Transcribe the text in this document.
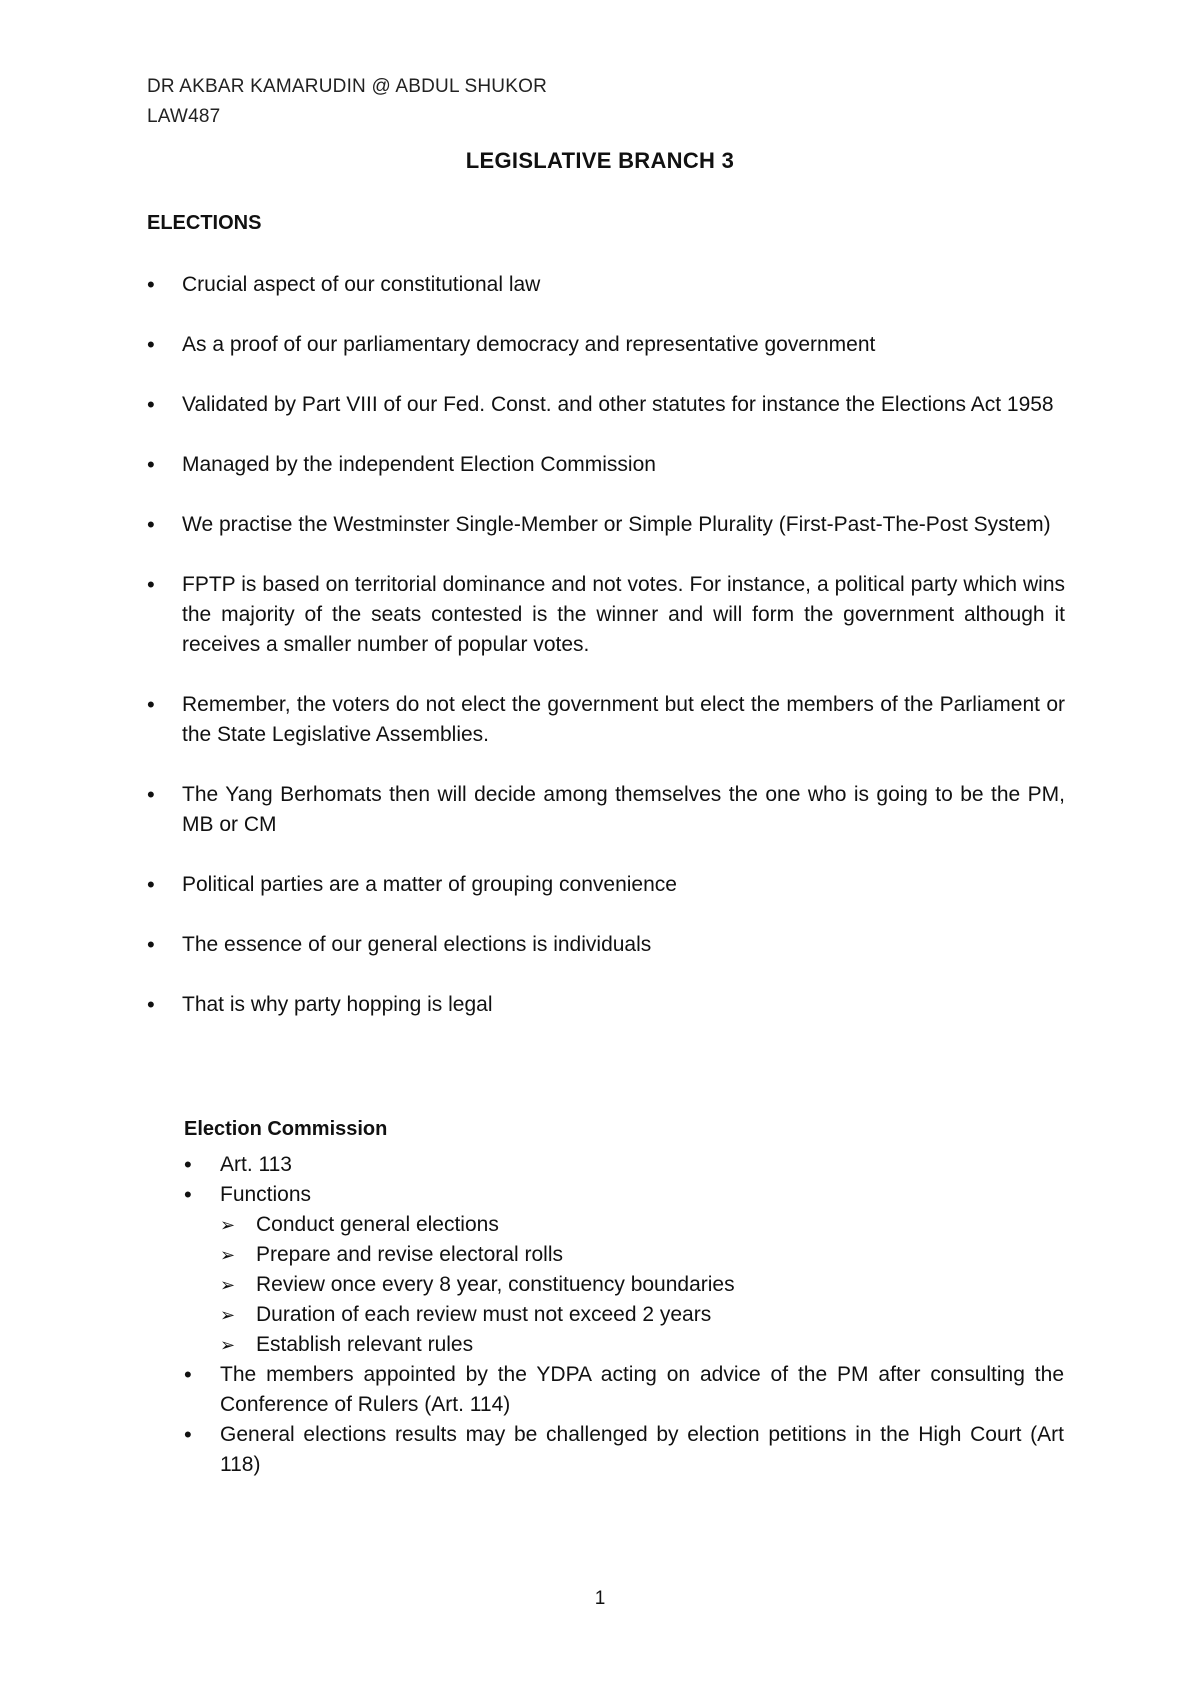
DR AKBAR KAMARUDIN @ ABDUL SHUKOR
LAW487
LEGISLATIVE BRANCH 3
ELECTIONS
• Crucial aspect of our constitutional law
• As a proof of our parliamentary democracy and representative government
• Validated by Part VIII of our Fed. Const. and other statutes for instance the Elections Act 1958
• Managed by the independent Election Commission
• We practise the Westminster Single-Member or Simple Plurality (First-Past-The-Post System)
• FPTP is based on territorial dominance and not votes. For instance, a political party which wins the majority of the seats contested is the winner and will form the government although it receives a smaller number of popular votes.
• Remember, the voters do not elect the government but elect the members of the Parliament or the State Legislative Assemblies.
• The Yang Berhomats then will decide among themselves the one who is going to be the PM, MB or CM
• Political parties are a matter of grouping convenience
• The essence of our general elections is individuals
• That is why party hopping is legal
Election Commission
• Art. 113
• Functions
➢ Conduct general elections
➢ Prepare and revise electoral rolls
➢ Review once every 8 year, constituency boundaries
➢ Duration of each review must not exceed 2 years
➢ Establish relevant rules
• The members appointed by the YDPA acting on advice of the PM after consulting the Conference of Rulers (Art. 114)
• General elections results may be challenged by election petitions in the High Court (Art 118)
1
